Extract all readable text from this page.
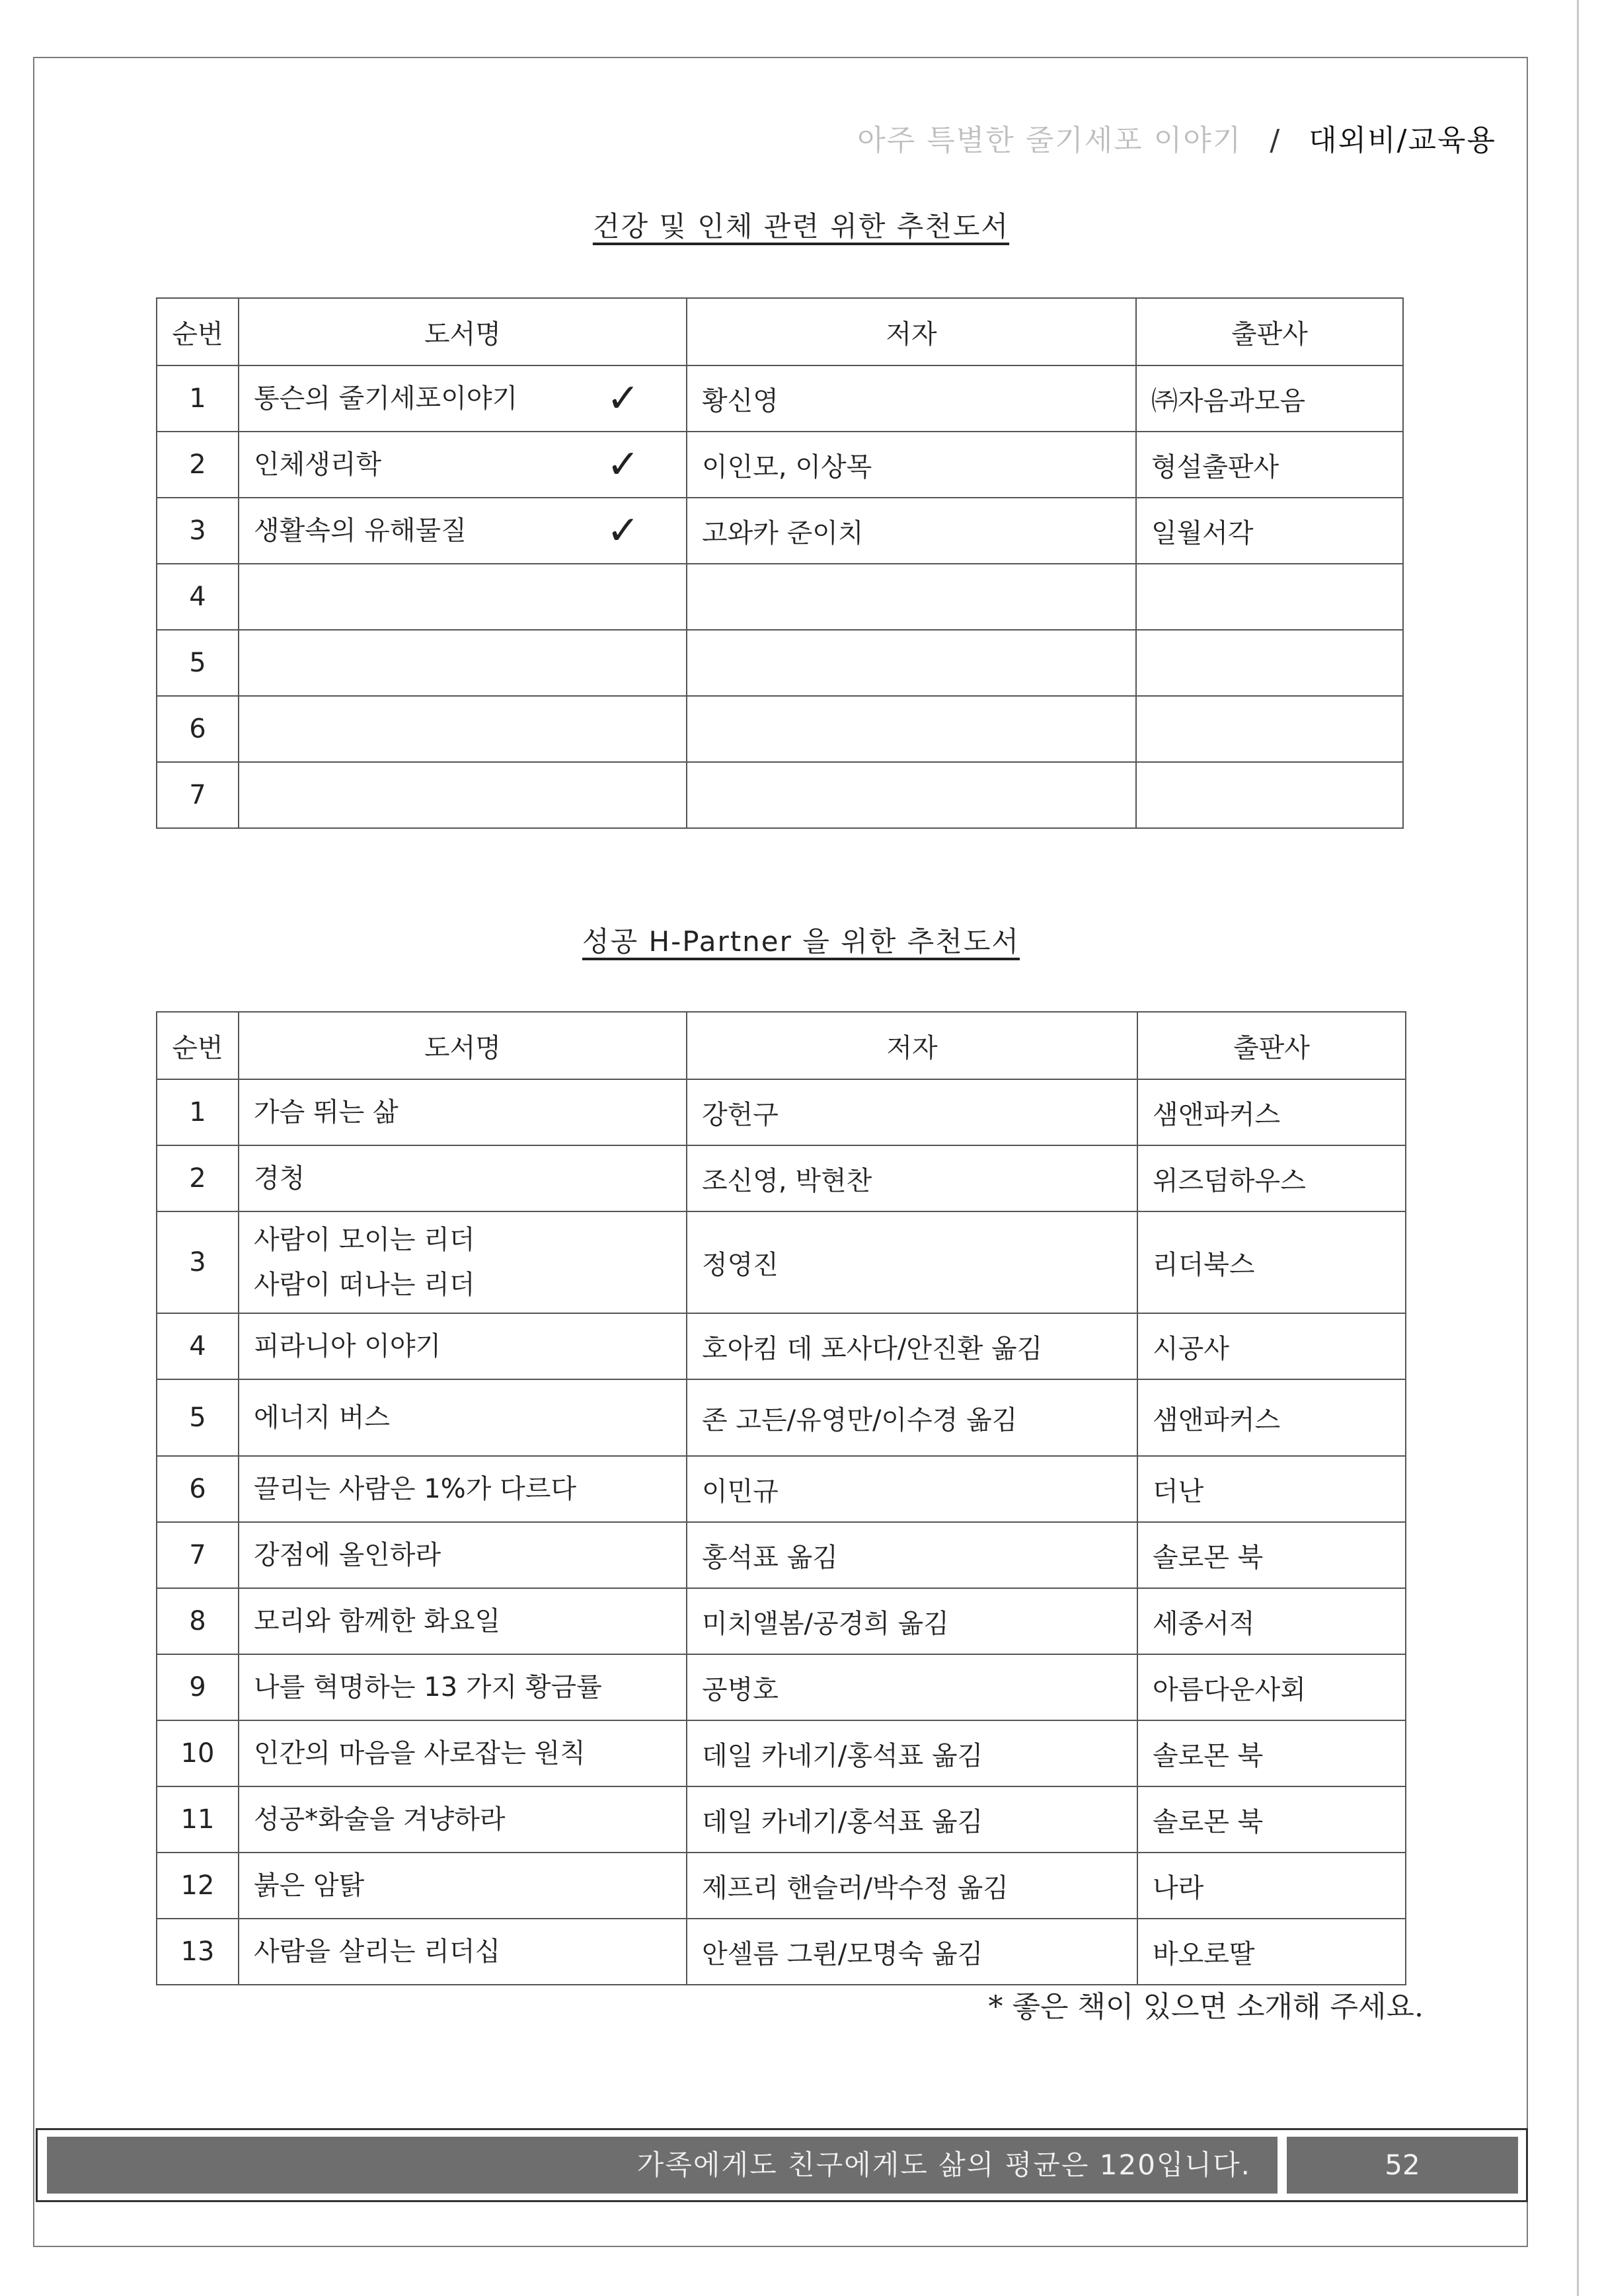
아주 특별한 줄기세포 이야기 / 대외비/교육용
건강 및 인체 관련 위한 추천도서
순번	도서명	저자	출판사
1	통슨의 줄기세포이야기 ✓	황신영	㈜자음과모음
2	인체생리학 ✓	이인모, 이상목	형설출판사
3	생활속의 유해물질 ✓	고와카 준이치	일월서각
4			
5			
6			
7			
성공 H-Partner 을 위한 추천도서
순번	도서명	저자	출판사
1	가슴 뛰는 삶	강헌구	샘앤파커스
2	경청	조신영, 박현찬	위즈덤하우스
3	사람이 모이는 리더
사람이 떠나는 리더	정영진	리더북스
4	피라니아 이야기	호아킴 데 포사다/안진환 옮김	시공사
5	에너지 버스	존 고든/유영만/이수경 옮김	샘앤파커스
6	끌리는 사람은 1%가 다르다	이민규	더난
7	강점에 올인하라	홍석표 옮김	솔로몬 북
8	모리와 함께한 화요일	미치앨봄/공경희 옮김	세종서적
9	나를 혁명하는 13 가지 황금률	공병호	아름다운사회
10	인간의 마음을 사로잡는 원칙	데일 카네기/홍석표 옮김	솔로몬 북
11	성공*화술을 겨냥하라	데일 카네기/홍석표 옮김	솔로몬 북
12	붉은 암탉	제프리 핸슬러/박수정 옮김	나라
13	사람을 살리는 리더십	안셀름 그륀/모명숙 옮김	바오로딸
* 좋은 책이 있으면 소개해 주세요.
가족에게도 친구에게도 삶의 평균은 120입니다.	52
